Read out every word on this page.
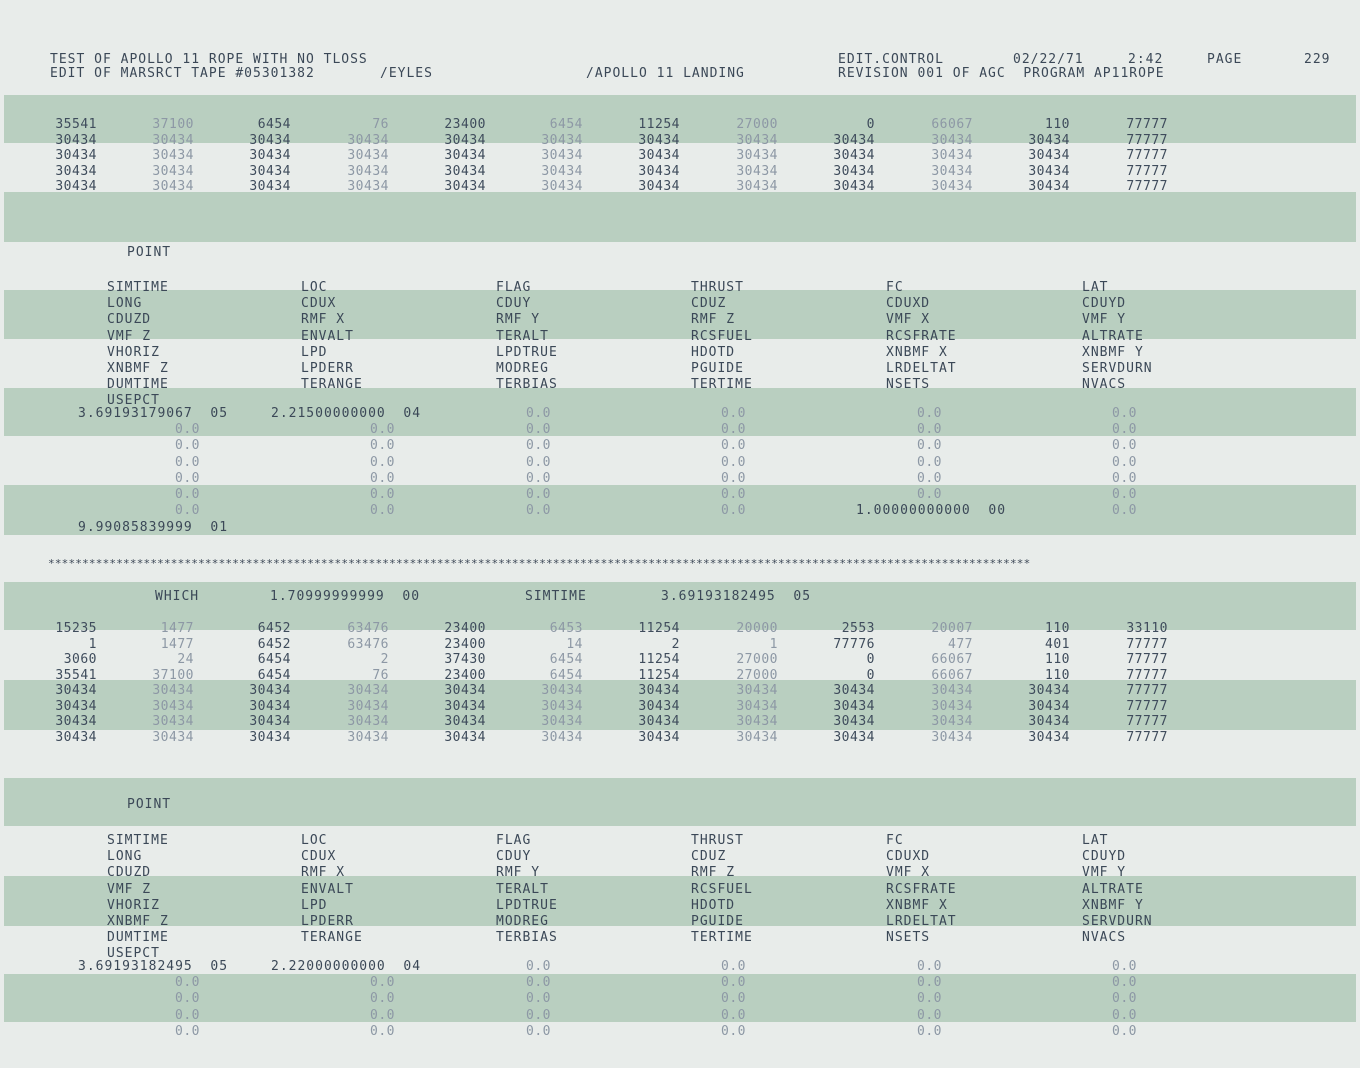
TEST OF APOLLO 11 ROPE WITH NO TLOSS
EDIT OF MARSRCT TAPE #05301382	/EYLES	/APOLLO 11 LANDING
EDIT.CONTROL	02/22/71	2:42	PAGE	229
REVISION 001 OF AGC  PROGRAM AP11ROPE
35541	37100	6454	76	23400	6454	11254	27000	0	66067	110	77777
30434	30434	30434	30434	30434	30434	30434	30434	30434	30434	30434	77777
30434	30434	30434	30434	30434	30434	30434	30434	30434	30434	30434	77777
30434	30434	30434	30434	30434	30434	30434	30434	30434	30434	30434	77777
30434	30434	30434	30434	30434	30434	30434	30434	30434	30434	30434	77777
POINT
SIMTIME	LOC	FLAG	THRUST	FC	LAT
LONG	CDUX	CDUY	CDUZ	CDUXD	CDUYD
CDUZD	RMF X	RMF Y	RMF Z	VMF X	VMF Y
VMF Z	ENVALT	TERALT	RCSFUEL	RCSFRATE	ALTRATE
VHORIZ	LPD	LPDTRUE	HDOTD	XNBMF X	XNBMF Y
XNBMF Z	LPDERR	MODREG	PGUIDE	LRDELTAT	SERVDURN
DUMTIME	TERANGE	TERBIAS	TERTIME	NSETS	NVACS
USEPCT
3.69193179067  05	2.21500000000  04	0.0	0.0	0.0	0.0
0.0	0.0	0.0	0.0	0.0	0.0
0.0	0.0	0.0	0.0	0.0	0.0
0.0	0.0	0.0	0.0	0.0	0.0
0.0	0.0	0.0	0.0	0.0	0.0
0.0	0.0	0.0	0.0	0.0	0.0
0.0	0.0	0.0	0.0	1.00000000000  00	0.0
9.99085839999  01
************************************************************************************************************************************************
WHICH	1.70999999999  00	SIMTIME	3.69193182495  05
15235	1477	6452	63476	23400	6453	11254	20000	2553	20007	110	33110
1	1477	6452	63476	23400	14	2	1	77776	477	401	77777
3060	24	6454	2	37430	6454	11254	27000	0	66067	110	77777
35541	37100	6454	76	23400	6454	11254	27000	0	66067	110	77777
30434	30434	30434	30434	30434	30434	30434	30434	30434	30434	30434	77777
30434	30434	30434	30434	30434	30434	30434	30434	30434	30434	30434	77777
30434	30434	30434	30434	30434	30434	30434	30434	30434	30434	30434	77777
30434	30434	30434	30434	30434	30434	30434	30434	30434	30434	30434	77777
POINT
SIMTIME	LOC	FLAG	THRUST	FC	LAT
LONG	CDUX	CDUY	CDUZ	CDUXD	CDUYD
CDUZD	RMF X	RMF Y	RMF Z	VMF X	VMF Y
VMF Z	ENVALT	TERALT	RCSFUEL	RCSFRATE	ALTRATE
VHORIZ	LPD	LPDTRUE	HDOTD	XNBMF X	XNBMF Y
XNBMF Z	LPDERR	MODREG	PGUIDE	LRDELTAT	SERVDURN
DUMTIME	TERANGE	TERBIAS	TERTIME	NSETS	NVACS
USEPCT
3.69193182495  05	2.22000000000  04	0.0	0.0	0.0	0.0
0.0	0.0	0.0	0.0	0.0	0.0
0.0	0.0	0.0	0.0	0.0	0.0
0.0	0.0	0.0	0.0	0.0	0.0
0.0	0.0	0.0	0.0	0.0	0.0
